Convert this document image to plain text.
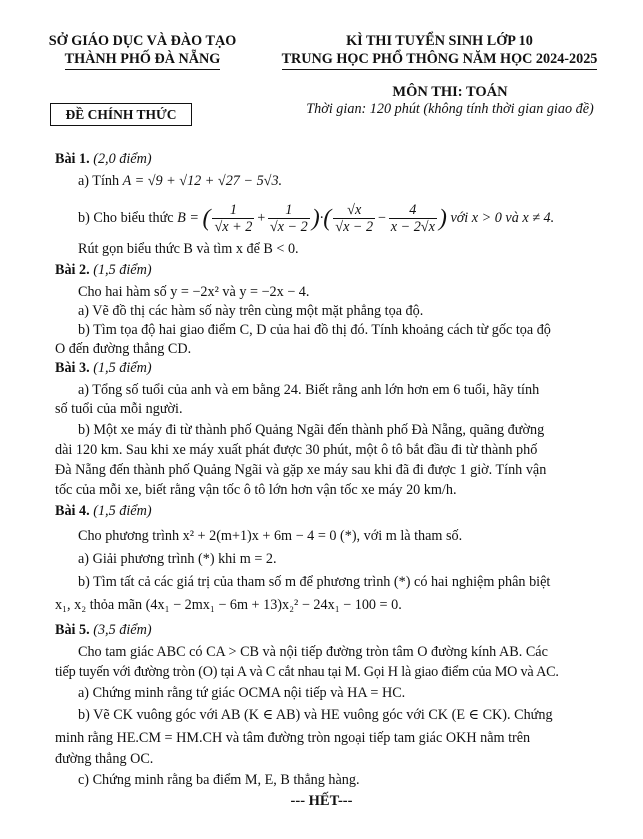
SỞ GIÁO DỤC VÀ ĐÀO TẠO
THÀNH PHỐ ĐÀ NẴNG
KÌ THI TUYỂN SINH LỚP 10
TRUNG HỌC PHỔ THÔNG NĂM HỌC 2024-2025
ĐỀ CHÍNH THỨC
MÔN THI: TOÁN
Thời gian: 120 phút (không tính thời gian giao đề)
Bài 1. (2,0 điểm)
a) Tính A = √9 + √12 + √27 − 5√3.
b) Cho biểu thức B = ( $\frac{1}{√x + 2} + \frac{1}{√x - 2}$ )·( $\frac{√x}{√x - 2} - \frac{4}{x - 2√x}$ ) với x > 0 và x ≠ 4.
Rút gọn biểu thức B và tìm x để B < 0.
Bài 2. (1,5 điểm)
Cho hai hàm số y = −2x² và y = −2x − 4.
a) Vẽ đồ thị các hàm số này trên cùng một mặt phẳng tọa độ.
b) Tìm tọa độ hai giao điểm C, D của hai đồ thị đó. Tính khoảng cách từ gốc tọa độ
O đến đường thẳng CD.
Bài 3. (1,5 điểm)
a) Tổng số tuổi của anh và em bằng 24. Biết rằng anh lớn hơn em 6 tuổi, hãy tính
số tuổi của mỗi người.
b) Một xe máy đi từ thành phố Quảng Ngãi đến thành phố Đà Nẵng, quãng đường
dài 120 km. Sau khi xe máy xuất phát được 30 phút, một ô tô bắt đầu đi từ thành phố
Đà Nẵng đến thành phố Quảng Ngãi và gặp xe máy sau khi đã đi được 1 giờ. Tính vận
tốc của mỗi xe, biết rằng vận tốc ô tô lớn hơn vận tốc xe máy 20 km/h.
Bài 4. (1,5 điểm)
Cho phương trình x² + 2(m+1)x + 6m − 4 = 0 (*), với m là tham số.
a) Giải phương trình (*) khi m = 2.
b) Tìm tất cả các giá trị của tham số m để phương trình (*) có hai nghiệm phân biệt
x₁, x₂ thỏa mãn (4x₁ − 2mx₁ − 6m + 13)x₂² − 24x₁ − 100 = 0.
Bài 5. (3,5 điểm)
Cho tam giác ABC có CA > CB và nội tiếp đường tròn tâm O đường kính AB. Các
tiếp tuyến với đường tròn (O) tại A và C cắt nhau tại M. Gọi H là giao điểm của MO và AC.
a) Chứng minh rằng tứ giác OCMA nội tiếp và HA = HC.
b) Vẽ CK vuông góc với AB (K ∈ AB) và HE vuông góc với CK (E ∈ CK). Chứng
minh rằng HE.CM = HM.CH và tâm đường tròn ngoại tiếp tam giác OKH nằm trên
đường thẳng OC.
c) Chứng minh rằng ba điểm M, E, B thẳng hàng.
--- HẾT---
